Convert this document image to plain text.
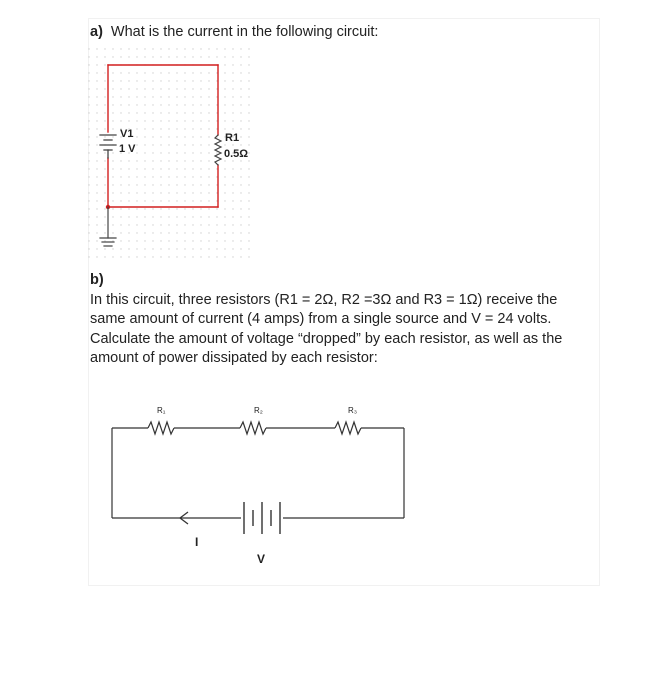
a) What is the current in the following circuit:
b)In this circuit, three resistors (R1 = 2Ω, R2 =3Ω and R3 = 1Ω) receive the same amount of current (4 amps) from a single source and V = 24 volts. Calculate the amount of voltage “dropped” by each resistor, as well as the amount of power dissipated by each resistor:
V1
1 V
R1
0.5Ω
R₁	R₂	R₃
I
V
